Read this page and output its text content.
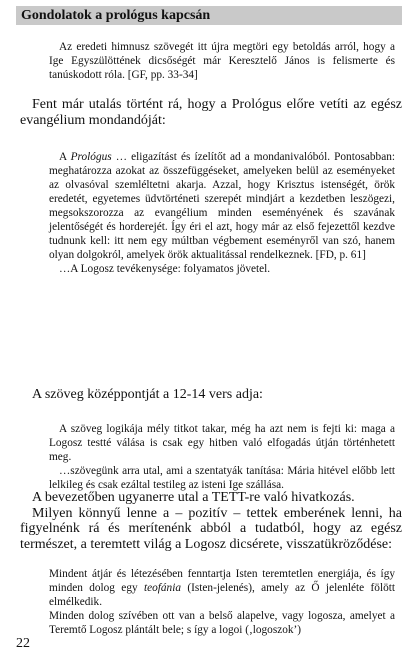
Gondolatok a prológus kapcsán

Az eredeti himnusz szövegét itt újra megtöri egy betoldás arról, hogy a Ige Egyszülöttének dicsőségét már Keresztelő János is felismerte és tanúskodott róla. [GF, pp. 33-34]

Fent már utalás történt rá, hogy a Prológus előre vetíti az egész evangélium mondandóját:

A Prológus … eligazítást és ízelítőt ad a mondanivalóból. Pontosabban: meghatározza azokat az összefüggéseket, amelyeken belül az eseményeket az olvasóval szemléltetni akarja. Azzal, hogy Krisztus istenségét, örök eredetét, egyetemes üdvtörténeti szerepét mindjárt a kezdetben leszögezi, megsokszorozza az evangélium minden eseményének és szavának jelentőségét és horderejét. Így éri el azt, hogy már az első fejezettől kezdve tudnunk kell: itt nem egy múltban végbement eseményről van szó, hanem olyan dolgokról, amelyek örök aktualitással rendelkeznek. [FD, p. 61]

…A Logosz tevékenysége: folyamatos jövetel.

A szöveg középpontját a 12-14 vers adja:

A szöveg logikája mély titkot takar, még ha azt nem is fejti ki: maga a Logosz testté válása is csak egy hitben való elfogadás útján történhetett meg.

…szövegünk arra utal, ami a szentatyák tanítása: Mária hitével előbb lett lelkileg és csak ezáltal testileg az isteni Ige szállása.

A bevezetőben ugyanerre utal a TETT-re való hivatkozás.

Milyen könnyű lenne a – pozitív – tettek emberének lenni, ha figyelnénk rá és merítenénk abból a tudatból, hogy az egész természet, a teremtett világ a Logosz dicsérete, visszatükröződése:

Mindent átjár és létezésében fenntartja Isten teremtetlen energiája, és így minden dolog egy teofánia (Isten-jelenés), amely az Ő jelenléte fölött elmélkedik.

Minden dolog szívében ott van a belső alapelve, vagy logosza, amelyet a Teremtő Logosz plántált bele; s így a logoi (‚logoszok’)

22
